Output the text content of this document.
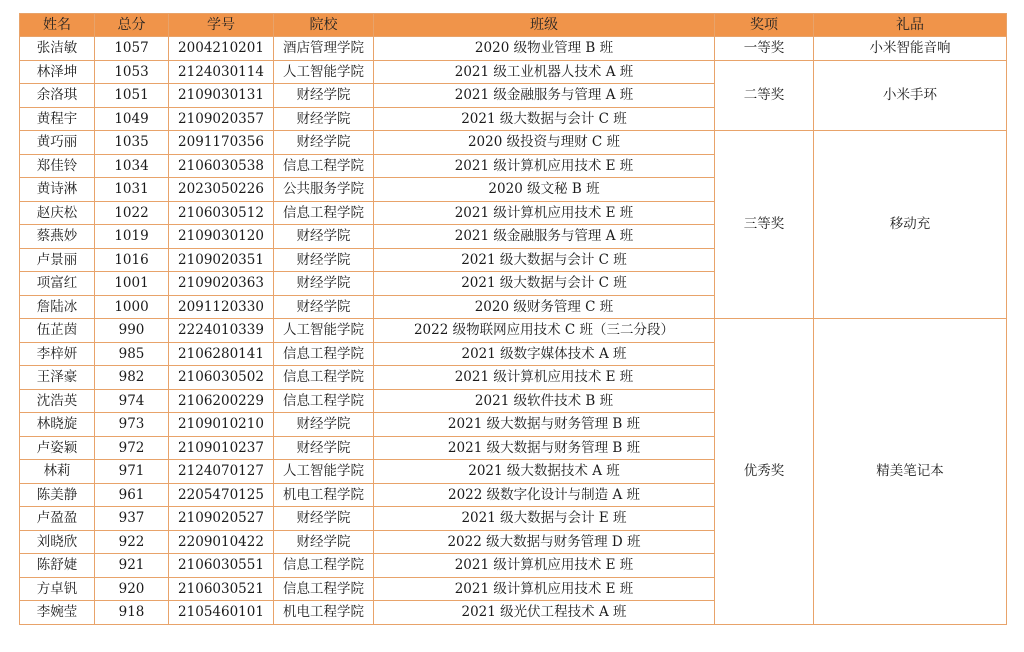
姓名	总分	学号	院校	班级	奖项	礼品
张洁敏	1057	2004210201	酒店管理学院	2020 级物业管理 B 班	一等奖	小米智能音响
林泽坤	1053	2124030114	人工智能学院	2021 级工业机器人技术 A 班	二等奖	小米手环
余洛琪	1051	2109030131	财经学院	2021 级金融服务与管理 A 班		
黄程宇	1049	2109020357	财经学院	2021 级大数据与会计 C 班		
黄巧丽	1035	2091170356	财经学院	2020 级投资与理财 C 班	三等奖	移动充
郑佳铃	1034	2106030538	信息工程学院	2021 级计算机应用技术 E 班		
黄诗淋	1031	2023050226	公共服务学院	2020 级文秘 B 班		
赵庆松	1022	2106030512	信息工程学院	2021 级计算机应用技术 E 班		
蔡燕妙	1019	2109030120	财经学院	2021 级金融服务与管理 A 班		
卢景丽	1016	2109020351	财经学院	2021 级大数据与会计 C 班		
项富红	1001	2109020363	财经学院	2021 级大数据与会计 C 班		
詹陆冰	1000	2091120330	财经学院	2020 级财务管理 C 班		
伍芷茵	990	2224010339	人工智能学院	2022 级物联网应用技术 C 班（三二分段）	优秀奖	精美笔记本
李梓妍	985	2106280141	信息工程学院	2021 级数字媒体技术 A 班		
王泽豪	982	2106030502	信息工程学院	2021 级计算机应用技术 E 班		
沈浩英	974	2106200229	信息工程学院	2021 级软件技术 B 班		
林晓旋	973	2109010210	财经学院	2021 级大数据与财务管理 B 班		
卢姿颖	972	2109010237	财经学院	2021 级大数据与财务管理 B 班		
林莉	971	2124070127	人工智能学院	2021 级大数据技术 A 班		
陈美静	961	2205470125	机电工程学院	2022 级数字化设计与制造 A 班		
卢盈盈	937	2109020527	财经学院	2021 级大数据与会计 E 班		
刘晓欣	922	2209010422	财经学院	2022 级大数据与财务管理 D 班		
陈舒婕	921	2106030551	信息工程学院	2021 级计算机应用技术 E 班		
方卓钒	920	2106030521	信息工程学院	2021 级计算机应用技术 E 班		
李婉莹	918	2105460101	机电工程学院	2021 级光伏工程技术 A 班		
